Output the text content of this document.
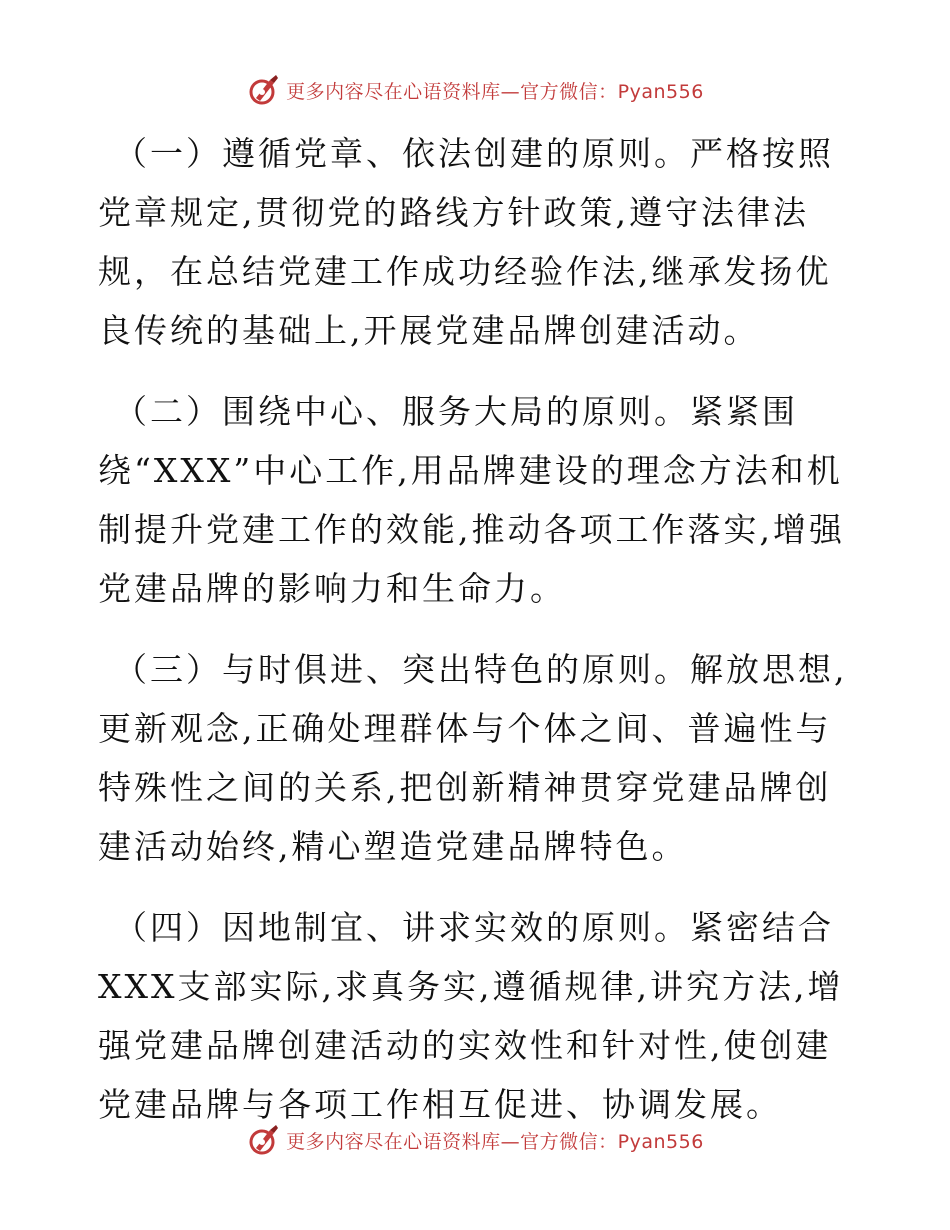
更多内容尽在心语资料库—官方微信：Pyan556

（一）遵循党章、依法创建的原则。严格按照党章规定,贯彻党的路线方针政策,遵守法律法规，在总结党建工作成功经验作法,继承发扬优良传统的基础上,开展党建品牌创建活动。

（二）围绕中心、服务大局的原则。紧紧围绕“XXX”中心工作,用品牌建设的理念方法和机制提升党建工作的效能,推动各项工作落实,增强党建品牌的影响力和生命力。

（三）与时俱进、突出特色的原则。解放思想,更新观念,正确处理群体与个体之间、普遍性与特殊性之间的关系,把创新精神贯穿党建品牌创建活动始终,精心塑造党建品牌特色。

（四）因地制宜、讲求实效的原则。紧密结合XXX支部实际,求真务实,遵循规律,讲究方法,增强党建品牌创建活动的实效性和针对性,使创建党建品牌与各项工作相互促进、协调发展。

更多内容尽在心语资料库—官方微信：Pyan556
